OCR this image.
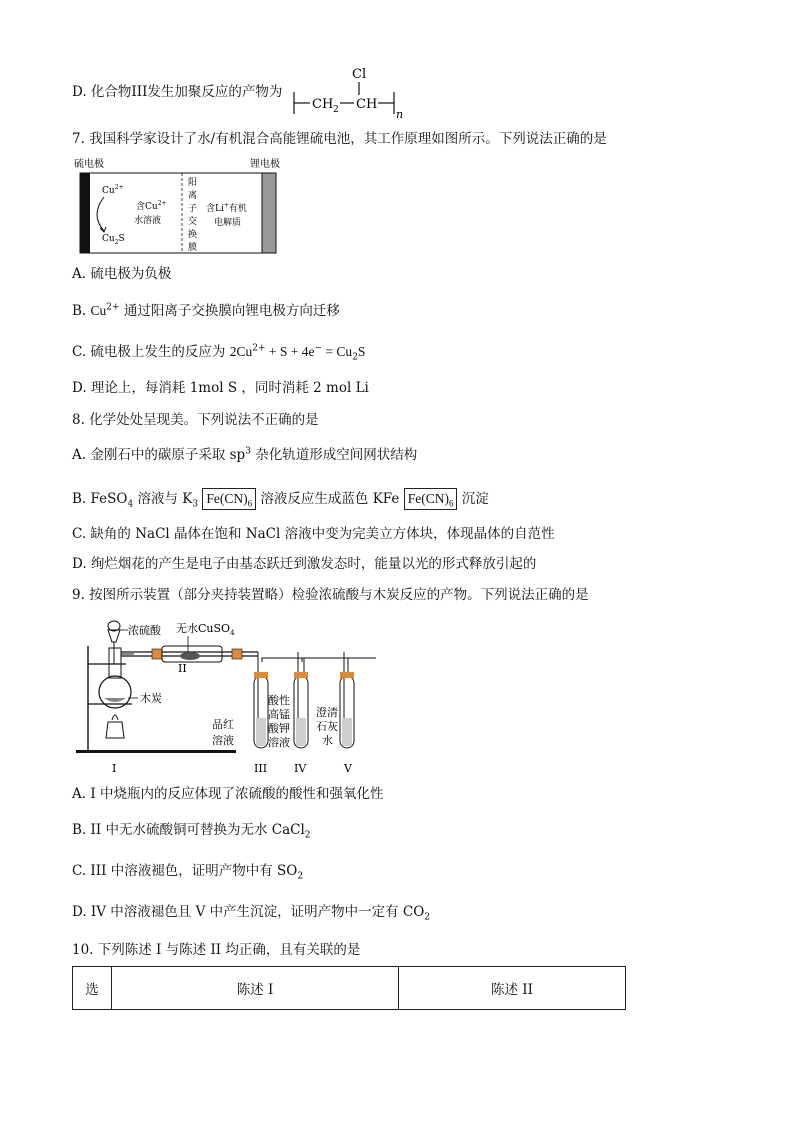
D. 化合物III发生加聚反应的产物为
Cl
CH 2 CH
n
7. 我国科学家设计了水/有机混合高能锂硫电池，其工作原理如图所示。下列说法正确的是
硫电极	锂电极
$Cu^{2+}$
$Cu_2S$
含$Cu^{2+}$
水溶液
阳
离
子
交
换
膜
含Li+有机
电解质
A. 硫电极为负极
B. $Cu^{2+}$ 通过阳离子交换膜向锂电极方向迁移
C. 硫电极上发生的反应为 $2Cu^{2+} + S + 4e^- = Cu_2S$
D. 理论上，每消耗 1mol S ，同时消耗 2 mol Li
8. 化学处处呈现美。下列说法不正确的是
A. 金刚石中的碳原子采取 $sp^3$ 杂化轨道形成空间网状结构
B. FeSO$_4$ 溶液与 $K_3$ $Fe(CN)_6$ 溶液反应生成蓝色 KFe $Fe(CN)_6$ 沉淀
C. 缺角的 NaCl 晶体在饱和 NaCl 溶液中变为完美立方体块，体现晶体的自范性
D. 绚烂烟花的产生是电子由基态跃迁到激发态时，能量以光的形式释放引起的
9. 按图所示装置（部分夹持装置略）检验浓硫酸与木炭反应的产物。下列说法正确的是
浓硫酸
木炭
无水CuSO$_4$
II
品红
溶液
酸性
高锰
酸钾
溶液
澄清
石灰
水
I	III IV	V
A. I 中烧瓶内的反应体现了浓硫酸的酸性和强氧化性
B. II 中无水硫酸铜可替换为无水 CaCl$_2$
C. III 中溶液褪色，证明产物中有 $SO_2$
D. IV 中溶液褪色且 V 中产生沉淀，证明产物中一定有 $CO_2$
10. 下列陈述 I 与陈述 II 均正确，且有关联的是
选	陈述 I	陈述 II
